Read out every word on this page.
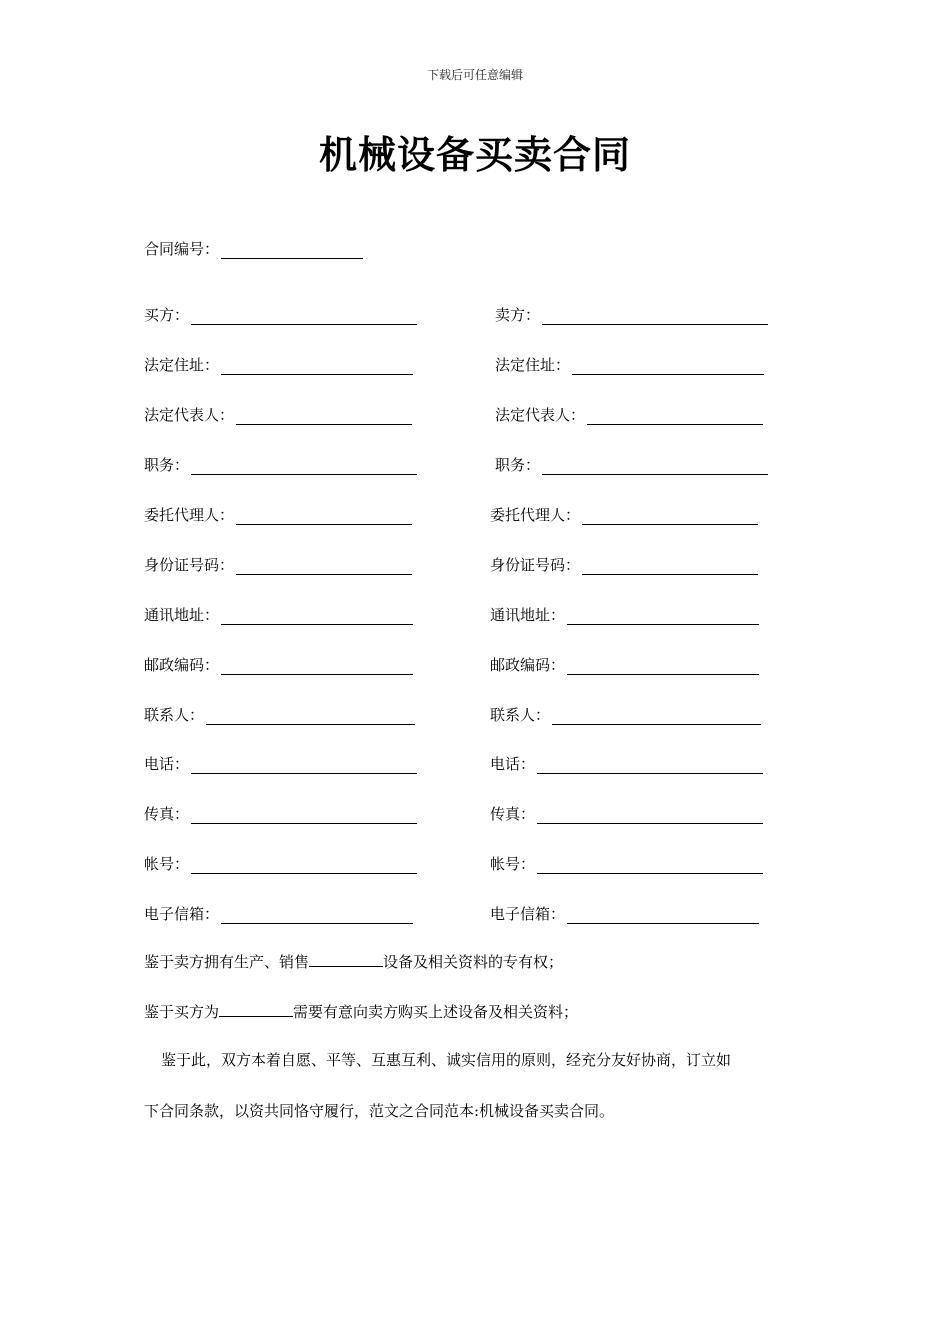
下载后可任意编辑
机械设备买卖合同
合同编号：
买方：
法定住址：
法定代表人：
职务：
委托代理人：
身份证号码：
通讯地址：
邮政编码：
联系人：
电话：
传真：
帐号：
电子信箱：
卖方：
法定住址：
法定代表人：
职务：
委托代理人：
身份证号码：
通讯地址：
邮政编码：
联系人：
电话：
传真：
帐号：
电子信箱：
鉴于卖方拥有生产、销售	设备及相关资料的专有权；
鉴于买方为	需要有意向卖方购买上述设备及相关资料；
鉴于此，双方本着自愿、平等、互惠互利、诚实信用的原则，经充分友好协商，订立如
下合同条款，以资共同恪守履行，范文之合同范本:机械设备买卖合同。
